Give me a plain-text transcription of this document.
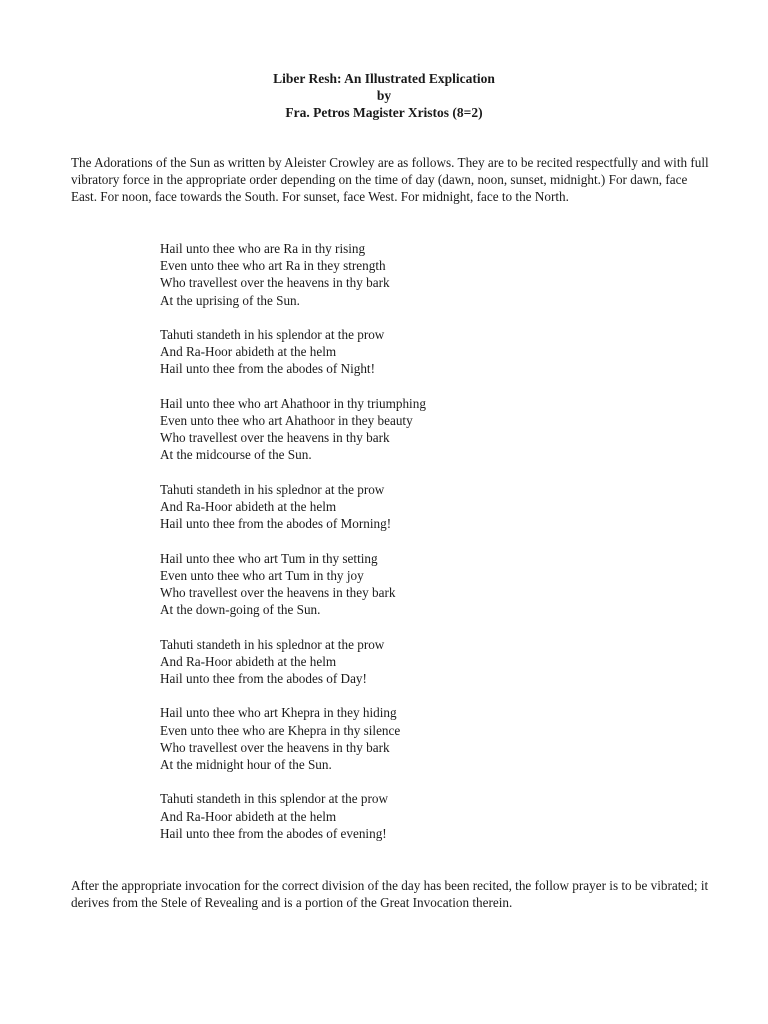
Liber Resh: An Illustrated Explication
by
Fra. Petros Magister Xristos (8=2)
The Adorations of the Sun as written by Aleister Crowley are as follows. They are to be recited respectfully and with full vibratory force in the appropriate order depending on the time of day (dawn, noon, sunset, midnight.) For dawn, face East. For noon, face towards the South. For sunset, face West. For midnight, face to the North.
Hail unto thee who are Ra in thy rising
Even unto thee who art Ra in they strength
Who travellest over the heavens in thy bark
At the uprising of the Sun.
Tahuti standeth in his splendor at the prow
And Ra-Hoor abideth at the helm
Hail unto thee from the abodes of Night!
Hail unto thee who art Ahathoor in thy triumphing
Even unto thee who art Ahathoor in they beauty
Who travellest over the heavens in thy bark
At the midcourse of the Sun.
Tahuti standeth in his splednor at the prow
And Ra-Hoor abideth at the helm
Hail unto thee from the abodes of Morning!
Hail unto thee who art Tum in thy setting
Even unto thee who art Tum in thy joy
Who travellest over the heavens in they bark
At the down-going of the Sun.
Tahuti standeth in his splednor at the prow
And Ra-Hoor abideth at the helm
Hail unto thee from the abodes of Day!
Hail unto thee who art Khepra in they hiding
Even unto thee who are Khepra in thy silence
Who travellest over the heavens in thy bark
At the midnight hour of the Sun.
Tahuti standeth in this splendor at the prow
And Ra-Hoor abideth at the helm
Hail unto thee from the abodes of evening!
After the appropriate invocation for the correct division of the day has been recited, the follow prayer is to be vibrated; it derives from the Stele of Revealing and is a portion of the Great Invocation therein.
